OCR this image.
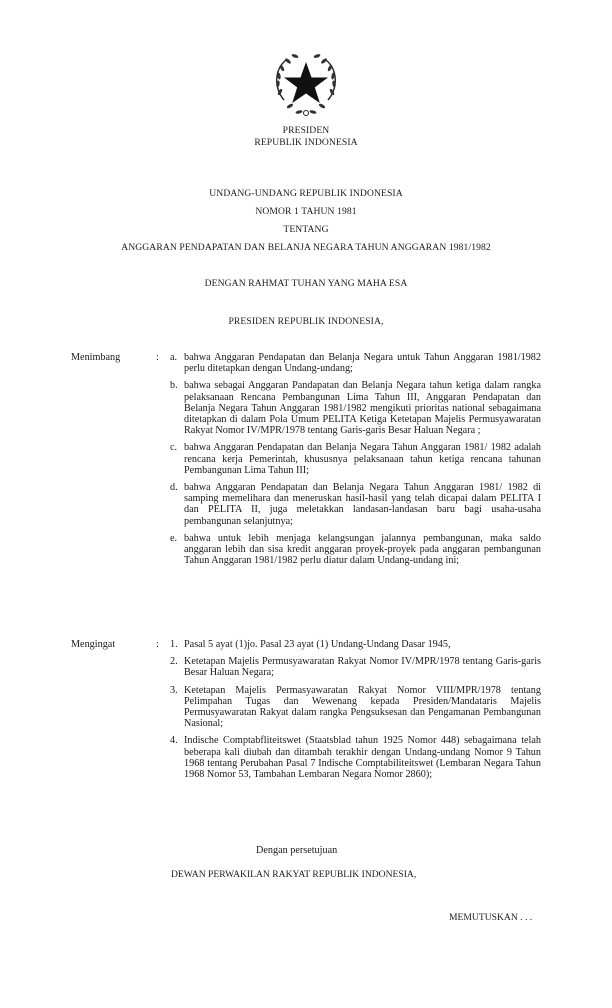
PRESIDEN
REPUBLIK INDONESIA
UNDANG-UNDANG REPUBLIK INDONESIA
NOMOR 1 TAHUN 1981
TENTANG
ANGGARAN PENDAPATAN DAN BELANJA NEGARA TAHUN ANGGARAN 1981/1982
DENGAN RAHMAT TUHAN YANG MAHA ESA
PRESIDEN REPUBLIK INDONESIA,
Menimbang	: a. bahwa Anggaran Pendapatan dan Belanja Negara untuk Tahun Anggaran 1981/1982 perlu ditetapkan dengan Undang-undang;
b. bahwa sebagai Anggaran Pandapatan dan Belanja Negara tahun ketiga dalam rangka pelaksanaan Rencana Pembangunan Lima Tahun III, Anggaran Pendapatan dan Belanja Negara Tahun Anggaran 1981/1982 mengikuti prioritas national sebagaimana ditetapkan di dalam Pola Umum PELITA Ketiga Ketetapan Majelis Permusyawaratan Rakyat Nomor IV/MPR/1978 tentang Garis-garis Besar Haluan Negara ;
c. bahwa Anggaran Pendapatan dan Belanja Negara Tahun Anggaran 1981/ 1982 adalah rencana kerja Pemerintah, khususnya pelaksanaan tahun ketiga rencana tahunan Pembangunan Lima Tahun III;
d. bahwa Anggaran Pendapatan dan Belanja Negara Tahun Anggaran 1981/ 1982 di samping memelihara dan meneruskan hasil-hasil yang telah dicapai dalam PELITA I dan PELITA II, juga meletakkan landasan-landasan baru bagi usaha-usaha pembangunan selanjutnya;
e. bahwa untuk lebih menjaga kelangsungan jalannya pembangunan, maka saldo anggaran lebih dan sisa kredit anggaran proyek-proyek pada anggaran pembangunan Tahun Anggaran 1981/1982 perlu diatur dalam Undang-undang ini;
Mengingat	: 1. Pasal 5 ayat (1)jo. Pasal 23 ayat (1) Undang-Undang Dasar 1945,
2. Ketetapan Majelis Permusyawaratan Rakyat Nomor IV/MPR/1978 tentang Garis-garis Besar Haluan Negara;
3. Ketetapan Majelis Permasyawaratan Rakyat Nomor VIII/MPR/1978 tentang Pelimpahan Tugas dan Wewenang kepada Presiden/Mandataris Majelis Permusyawaratan Rakyat dalam rangka Pengsuksesan dan Pengamanan Pembangunan Nasional;
4. Indische Comptabfliteitswet (Staatsblad tahun 1925 Nomor 448) sebagaimana telah beberapa kali diubah dan ditambah terakhir dengan Undang-undang Nomor 9 Tahun 1968 tentang Perubahan Pasal 7 Indische Comptabiliteitswet (Lembaran Negara Tahun 1968 Nomor 53, Tambahan Lembaran Negara Nomor 2860);
Dengan persetujuan
DEWAN PERWAKILAN RAKYAT REPUBLIK INDONESIA,
MEMUTUSKAN . . .
